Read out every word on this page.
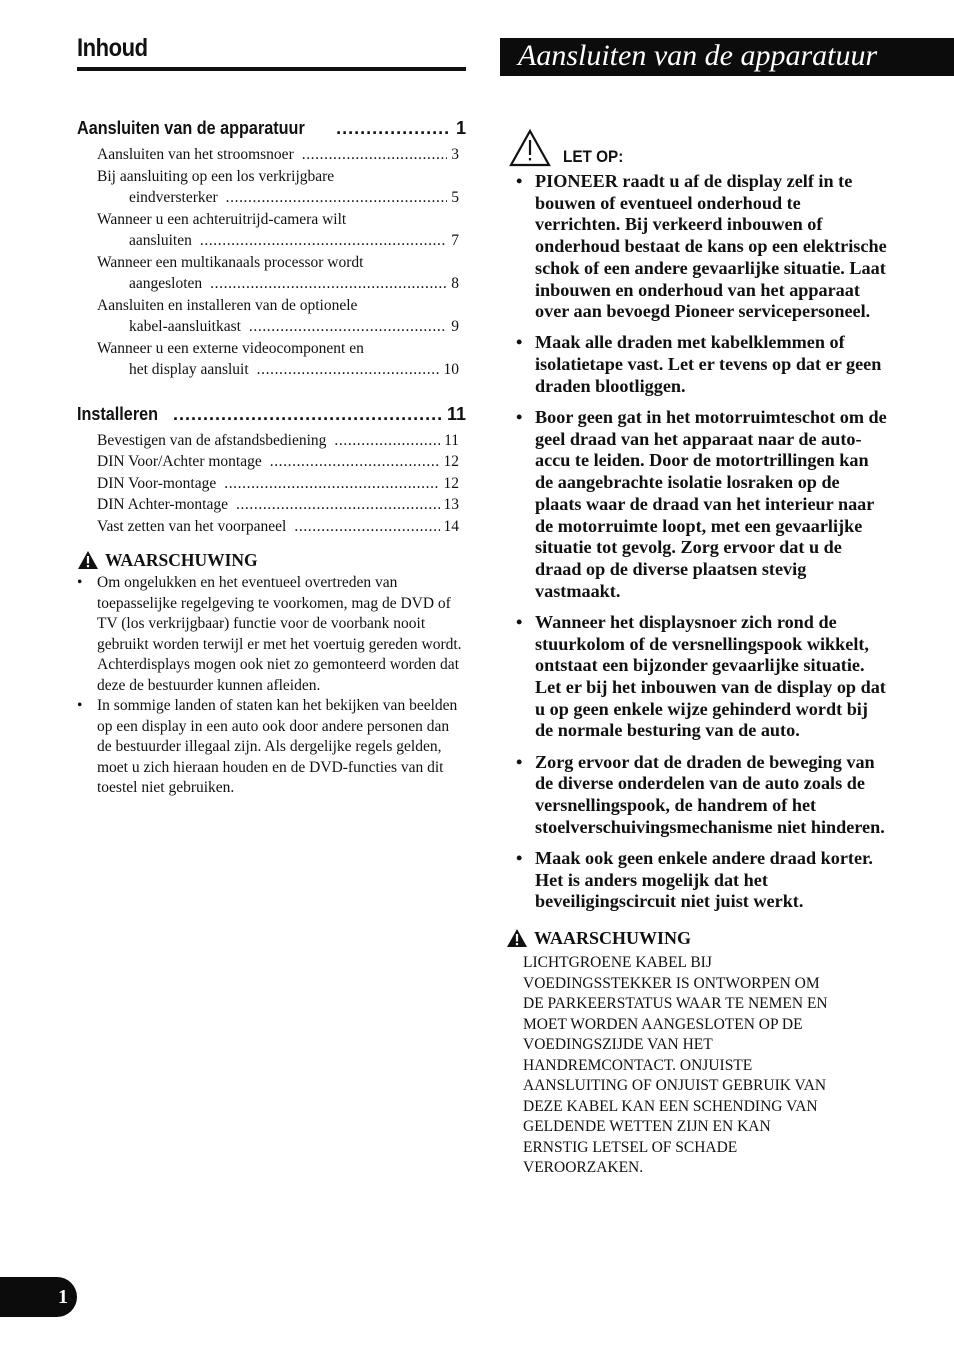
Inhoud
Aansluiten van de apparatuur .....	1
Aansluiten van het stroomsnoer .....	3
Bij aansluiting op een los verkrijgbare
eindversterker .....	5
Wanneer u een achteruitrijd-camera wilt
aansluiten .....	7
Wanneer een multikanaals processor wordt
aangesloten .....	8
Aansluiten en installeren van de optionele
kabel-aansluitkast .....	9
Wanneer u een externe videocomponent en
het display aansluit .....	10
Installeren .....	11
Bevestigen van de afstandsbediening .....	11
DIN Voor/Achter montage .....	12
DIN Voor-montage .....	12
DIN Achter-montage .....	13
Vast zetten van het voorpaneel .....	14
WAARSCHUWING
• Om ongelukken en het eventueel overtreden van toepasselijke regelgeving te voorkomen, mag de DVD of TV (los verkrijgbaar) functie voor de voorbank nooit gebruikt worden terwijl er met het voertuig gereden wordt. Achterdisplays mogen ook niet zo gemonteerd worden dat deze de bestuurder kunnen afleiden.
• In sommige landen of staten kan het bekijken van beelden op een display in een auto ook door andere personen dan de bestuurder illegaal zijn. Als dergelijke regels gelden, moet u zich hieraan houden en de DVD-functies van dit toestel niet gebruiken.
Aansluiten van de apparatuur
LET OP:
• PIONEER raadt u af de display zelf in te bouwen of eventueel onderhoud te verrichten. Bij verkeerd inbouwen of onderhoud bestaat de kans op een elektrische schok of een andere gevaarlijke situatie. Laat inbouwen en onderhoud van het apparaat over aan bevoegd Pioneer servicepersoneel.
• Maak alle draden met kabelklemmen of isolatietape vast. Let er tevens op dat er geen draden blootliggen.
• Boor geen gat in het motorruimteschot om de geel draad van het apparaat naar de auto-accu te leiden. Door de motortrillingen kan de aangebrachte isolatie losraken op de plaats waar de draad van het interieur naar de motorruimte loopt, met een gevaarlijke situatie tot gevolg. Zorg ervoor dat u de draad op de diverse plaatsen stevig vastmaakt.
• Wanneer het displaysnoer zich rond de stuurkolom of de versnellingspook wikkelt, ontstaat een bijzonder gevaarlijke situatie. Let er bij het inbouwen van de display op dat u op geen enkele wijze gehinderd wordt bij de normale besturing van de auto.
• Zorg ervoor dat de draden de beweging van de diverse onderdelen van de auto zoals de versnellingspook, de handrem of het stoelverschuivingsmechanisme niet hinderen.
• Maak ook geen enkele andere draad korter. Het is anders mogelijk dat het beveiligingscircuit niet juist werkt.
WAARSCHUWING
LICHTGROENE KABEL BIJ
VOEDINGSSTEKKER IS ONTWORPEN OM
DE PARKEERSTATUS WAAR TE NEMEN EN
MOET WORDEN AANGESLOTEN OP DE
VOEDINGSZIJDE VAN HET
HANDREMCONTACT. ONJUISTE
AANSLUITING OF ONJUIST GEBRUIK VAN
DEZE KABEL KAN EEN SCHENDING VAN
GELDENDE WETTEN ZIJN EN KAN
ERNSTIG LETSEL OF SCHADE
VEROORZAKEN.
1
